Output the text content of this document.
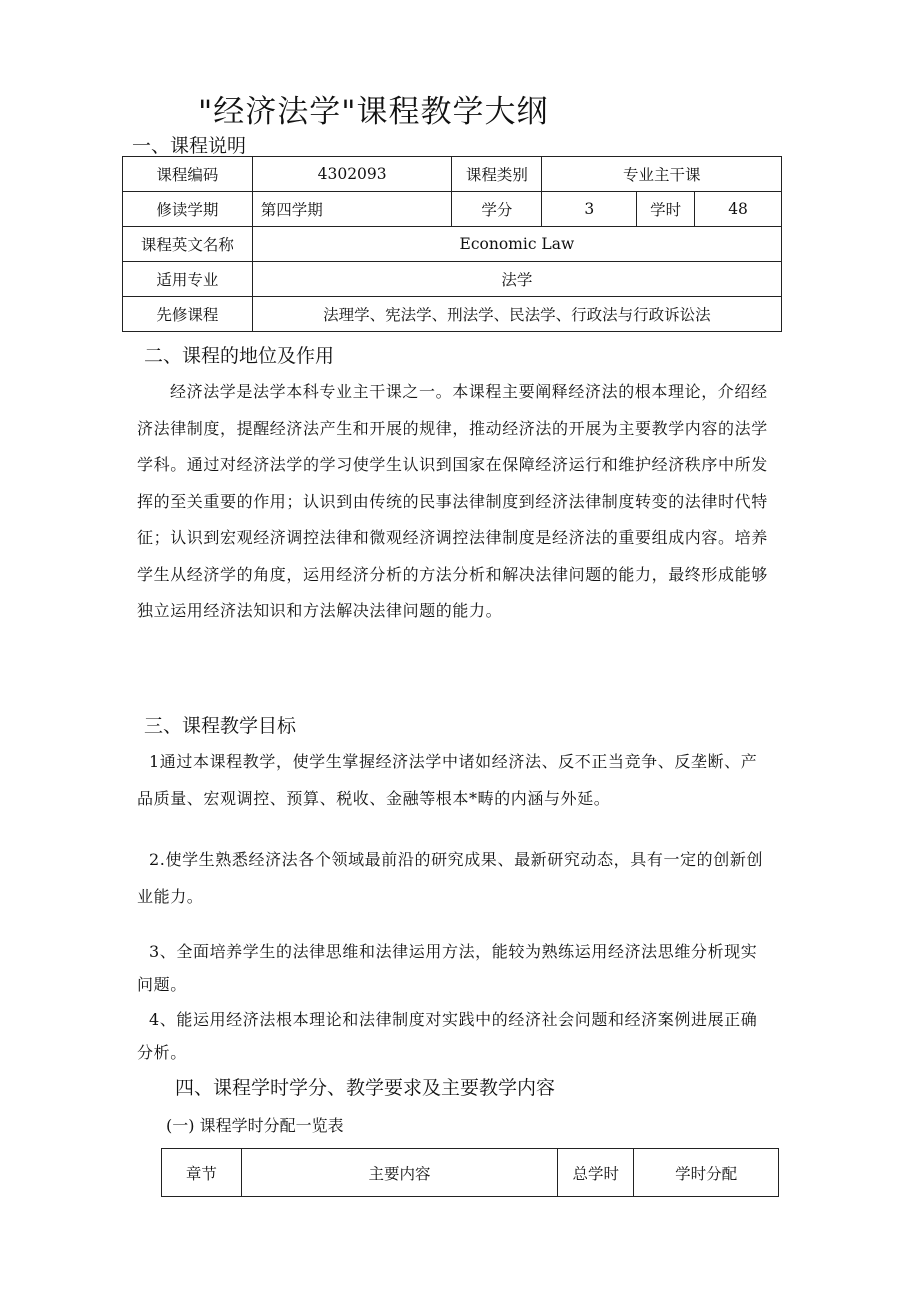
"经济法学"课程教学大纲
一、课程说明
课程编码	4302093	课程类别	专业主干课		
修读学期	第四学期	学分	3	学时	48
课程英文名称	Economic Law				
适用专业	法学				
先修课程	法理学、宪法学、刑法学、民法学、行政法与行政诉讼法				
二、课程的地位及作用
经济法学是法学本科专业主干课之一。本课程主要阐释经济法的根本理论，介绍经
济法律制度，提醒经济法产生和开展的规律，推动经济法的开展为主要教学内容的法学
学科。通过对经济法学的学习使学生认识到国家在保障经济运行和维护经济秩序中所发
挥的至关重要的作用；认识到由传统的民事法律制度到经济法律制度转变的法律时代特
征；认识到宏观经济调控法律和微观经济调控法律制度是经济法的重要组成内容。培养
学生从经济学的角度，运用经济分析的方法分析和解决法律问题的能力，最终形成能够
独立运用经济法知识和方法解决法律问题的能力。
三、课程教学目标
1通过本课程教学，使学生掌握经济法学中诸如经济法、反不正当竞争、反垄断、产
品质量、宏观调控、预算、税收、金融等根本*畴的内涵与外延。
2.使学生熟悉经济法各个领域最前沿的研究成果、最新研究动态，具有一定的创新创
业能力。
3、全面培养学生的法律思维和法律运用方法，能较为熟练运用经济法思维分析现实
问题。
4、能运用经济法根本理论和法律制度对实践中的经济社会问题和经济案例进展正确
分析。
四、课程学时学分、教学要求及主要教学内容
(一) 课程学时分配一览表
章节	主要内容	总学时	学时分配
